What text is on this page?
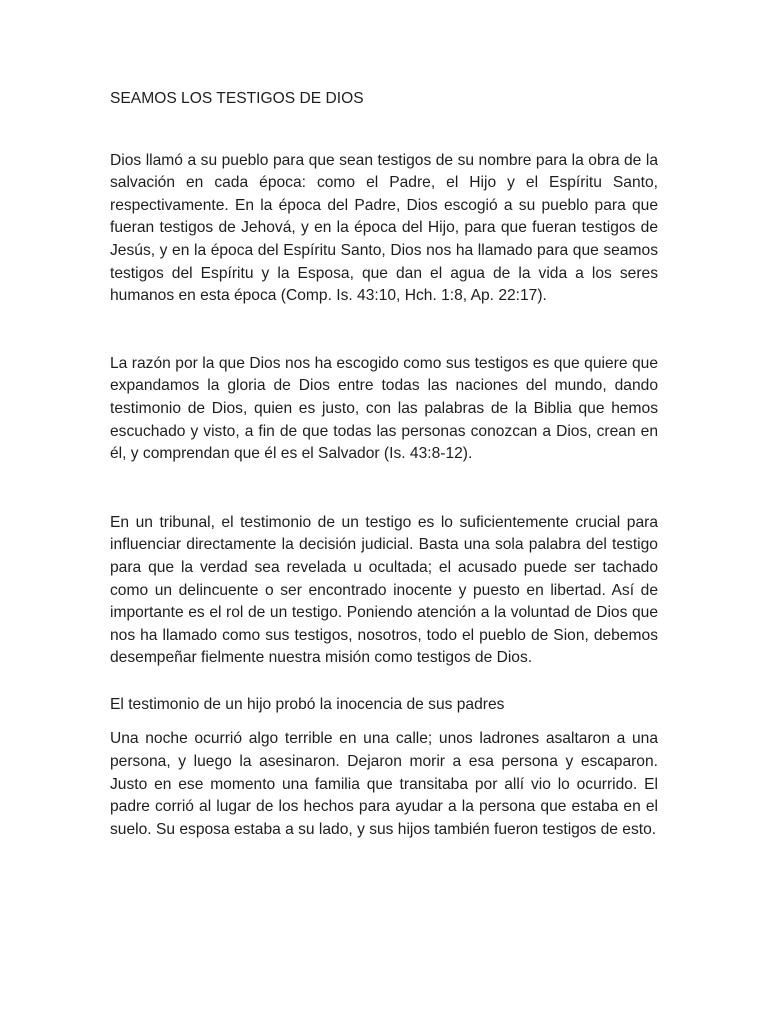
SEAMOS LOS TESTIGOS DE DIOS

Dios llamó a su pueblo para que sean testigos de su nombre para la obra de la salvación en cada época: como el Padre, el Hijo y el Espíritu Santo, respectivamente. En la época del Padre, Dios escogió a su pueblo para que fueran testigos de Jehová, y en la época del Hijo, para que fueran testigos de Jesús, y en la época del Espíritu Santo, Dios nos ha llamado para que seamos testigos del Espíritu y la Esposa, que dan el agua de la vida a los seres humanos en esta época (Comp. Is. 43:10, Hch. 1:8, Ap. 22:17).

La razón por la que Dios nos ha escogido como sus testigos es que quiere que expandamos la gloria de Dios entre todas las naciones del mundo, dando testimonio de Dios, quien es justo, con las palabras de la Biblia que hemos escuchado y visto, a fin de que todas las personas conozcan a Dios, crean en él, y comprendan que él es el Salvador (Is. 43:8-12).

En un tribunal, el testimonio de un testigo es lo suficientemente crucial para influenciar directamente la decisión judicial. Basta una sola palabra del testigo para que la verdad sea revelada u ocultada; el acusado puede ser tachado como un delincuente o ser encontrado inocente y puesto en libertad. Así de importante es el rol de un testigo. Poniendo atención a la voluntad de Dios que nos ha llamado como sus testigos, nosotros, todo el pueblo de Sion, debemos desempeñar fielmente nuestra misión como testigos de Dios.

El testimonio de un hijo probó la inocencia de sus padres

Una noche ocurrió algo terrible en una calle; unos ladrones asaltaron a una persona, y luego la asesinaron. Dejaron morir a esa persona y escaparon. Justo en ese momento una familia que transitaba por allí vio lo ocurrido. El padre corrió al lugar de los hechos para ayudar a la persona que estaba en el suelo. Su esposa estaba a su lado, y sus hijos también fueron testigos de esto.
